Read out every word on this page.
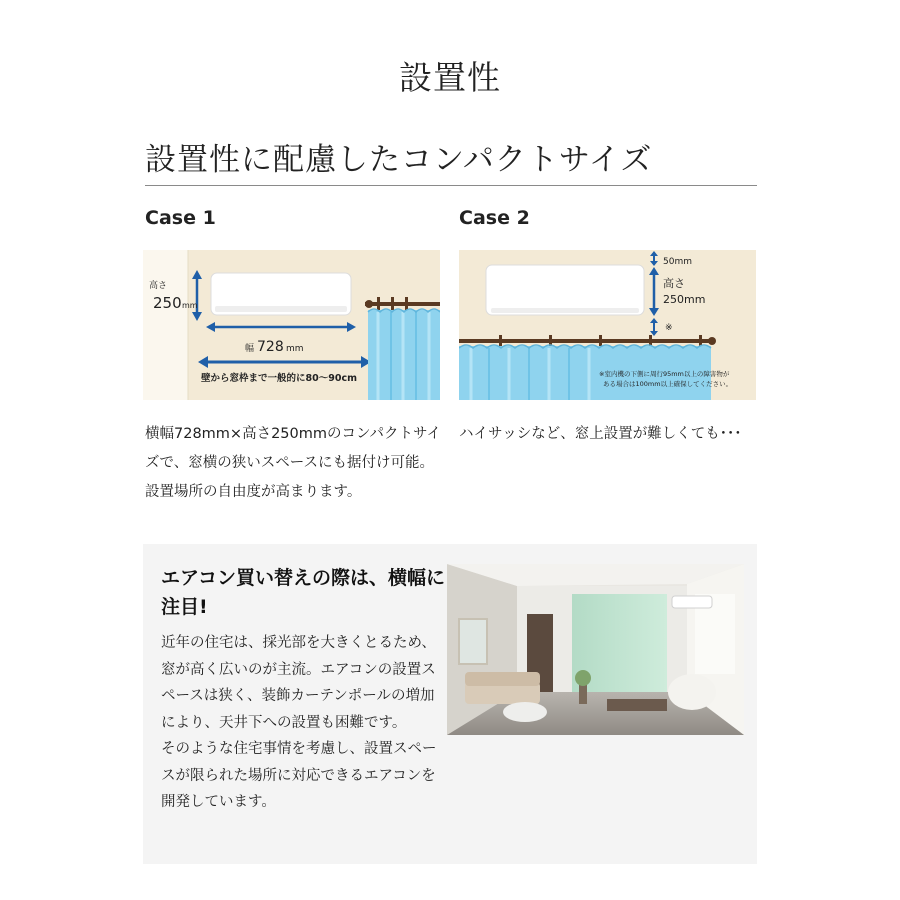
設置性
設置性に配慮したコンパクトサイズ
Case 1	Case 2
高さ
250 mm
幅 728 mm
壁から窓枠まで一般的に80〜90cm
50mm
高さ
250mm
※
※室内機の下側に周行95mm以上の障害物が
ある場合は100mm以上確保してください。
横幅728mm×高さ250mmのコンパクトサイズで、窓横の狭いスペースにも据付け可能。設置場所の自由度が高まります。
ハイサッシなど、窓上設置が難しくても･･･
エアコン買い替えの際は、横幅に注目!
近年の住宅は、採光部を大きくとるため、窓が高く広いのが主流。エアコンの設置スペースは狭く、装飾カーテンポールの増加により、天井下への設置も困難です。
そのような住宅事情を考慮し、設置スペースが限られた場所に対応できるエアコンを開発しています。
